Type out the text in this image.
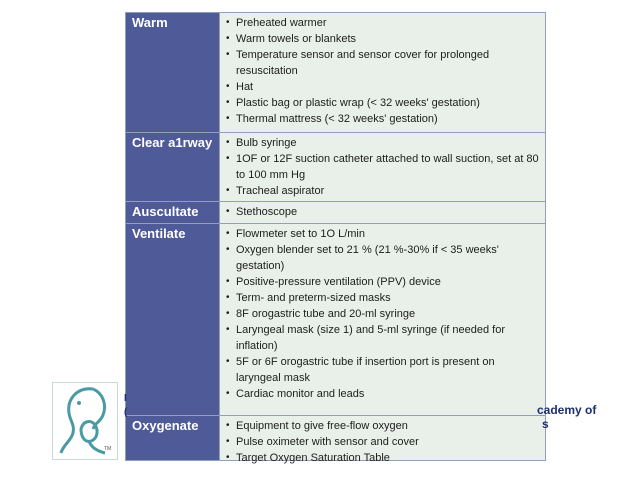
Warm	• Preheated warmer
• Warm towels or blankets
• Temperature sensor and sensor cover for prolonged resuscitation
• Hat
• Plastic bag or plastic wrap (< 32 weeks' gestation)
• Thermal mattress (< 32 weeks' gestation)
Clear a1rway	• Bulb syringe
• 1OF or 12F suction catheter attached to wall suction, set at 80 to 100 mm Hg
• Tracheal aspirator
Auscultate	• Stethoscope
Ventilate	• Flowmeter set to 1O L/min
• Oxygen blender set to 21 % (21 %-30% if < 35 weeks' gestation)
• Positive-pressure ventilation (PPV) device
• Term- and preterm-sized masks
• 8F orogastric tube and 20-ml syringe
• Laryngeal mask (size 1) and 5-ml syringe (if needed for inflation)
• 5F or 6F orogastric tube if insertion port is present on laryngeal mask
• Cardiac monitor and leads
Oxygenate	• Equipment to give free-flow oxygen
• Pulse oximeter with sensor and cover
• Target Oxygen Saturation Table
TM
I
(	cademy of
s
